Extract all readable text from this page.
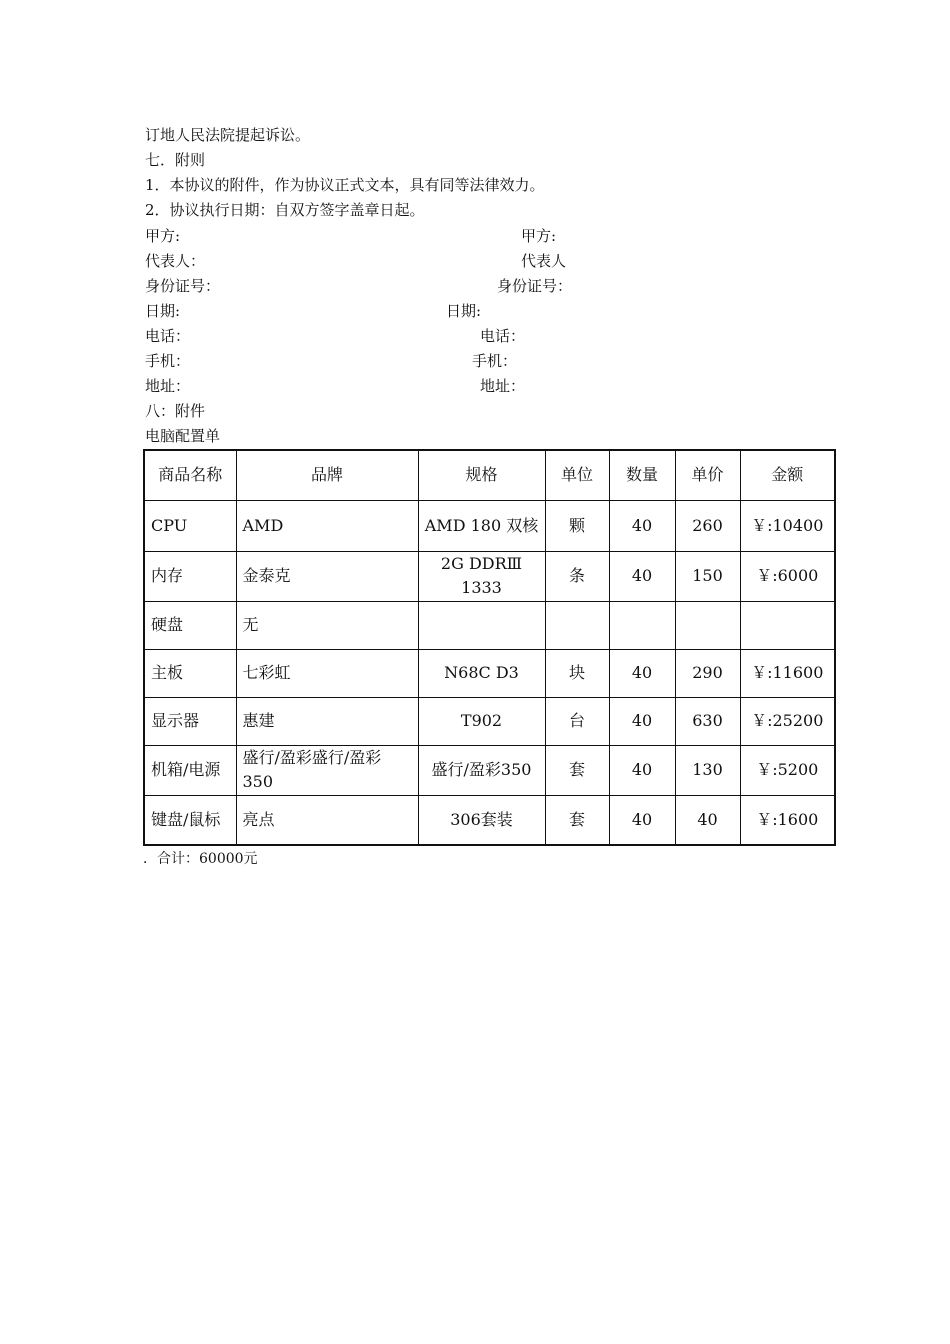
订地人民法院提起诉讼。
七．附则
1．本协议的附件，作为协议正式文本，具有同等法律效力。
2．协议执行日期：自双方签字盖章日起。
甲方:	甲方:
代表人：	代表人
身份证号：	身份证号：
日期:	日期:
电话：	电话：
手机：	手机：
地址：	地址：
八：附件
电脑配置单
商品名称	品牌	规格	单位	数量	单价	金额
CPU	AMD	AMD 180 双核	颗	40	260	￥:10400
内存	金泰克	2G DDRⅢ 1333	条	40	150	￥:6000
硬盘	无					
主板	七彩虹	N68C D3	块	40	290	￥:11600
显示器	惠建	T902	台	40	630	￥:25200
机箱/电源	盛行/盈彩盛行/盈彩350	盛行/盈彩350	套	40	130	￥:5200
键盘/鼠标	亮点	306套装	套	40	40	￥:1600
．合计：60000元
